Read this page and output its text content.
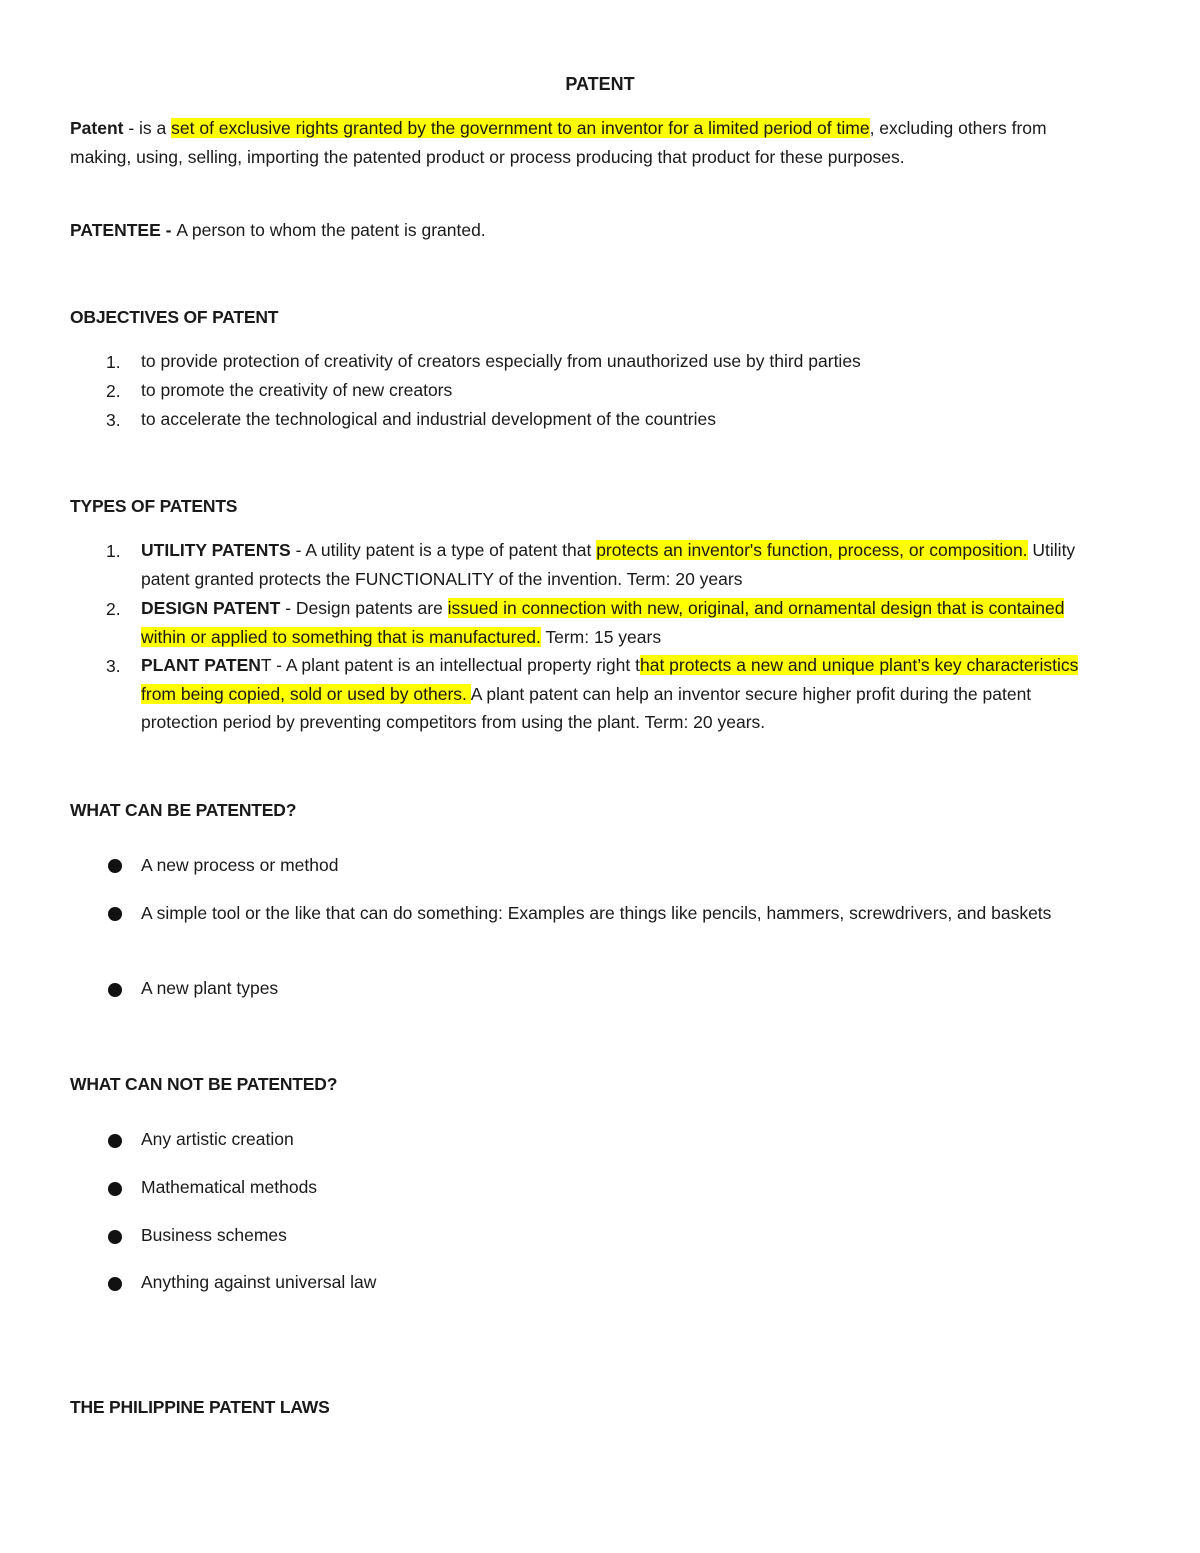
PATENT
Patent - is a set of exclusive rights granted by the government to an inventor for a limited period of time, excluding others from making, using, selling, importing the patented product or process producing that product for these purposes.
PATENTEE - A person to whom the patent is granted.
OBJECTIVES OF PATENT
1.	to provide protection of creativity of creators especially from unauthorized use by third parties
2.	to promote the creativity of new creators
3.	to accelerate the technological and industrial development of the countries
TYPES OF PATENTS
1.	UTILITY PATENTS - A utility patent is a type of patent that protects an inventor's function, process, or composition. Utility patent granted protects the FUNCTIONALITY of the invention. Term: 20 years
2.	DESIGN PATENT - Design patents are issued in connection with new, original, and ornamental design that is contained within or applied to something that is manufactured. Term: 15 years
3.	PLANT PATENT - A plant patent is an intellectual property right that protects a new and unique plant’s key characteristics from being copied, sold or used by others. A plant patent can help an inventor secure higher profit during the patent protection period by preventing competitors from using the plant. Term: 20 years.
WHAT CAN BE PATENTED?
A new process or method
A simple tool or the like that can do something: Examples are things like pencils, hammers, screwdrivers, and baskets
A new plant types
WHAT CAN NOT BE PATENTED?
Any artistic creation
Mathematical methods
Business schemes
Anything against universal law
THE PHILIPPINE PATENT LAWS
